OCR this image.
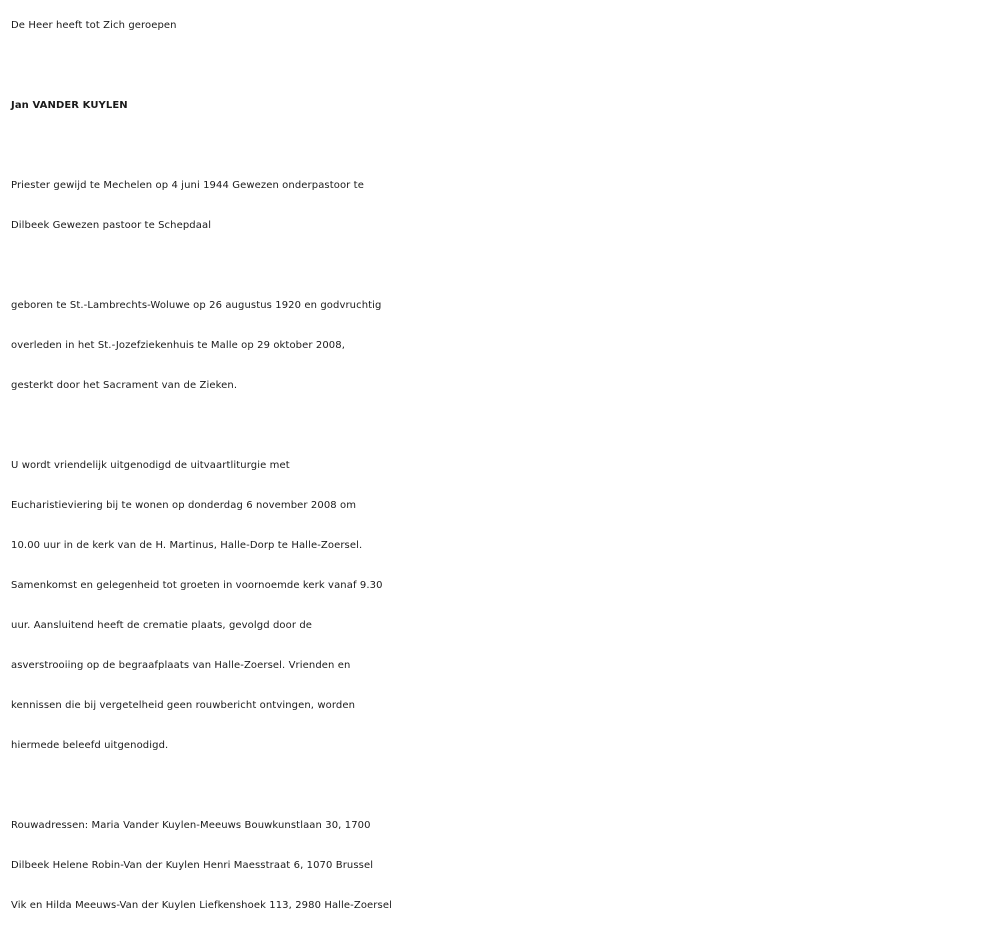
De Heer heeft tot Zich geroepen

Jan VANDER KUYLEN

Priester gewijd te Mechelen op 4 juni 1944 Gewezen onderpastoor te

Dilbeek Gewezen pastoor te Schepdaal

geboren te St.-Lambrechts-Woluwe op 26 augustus 1920 en godvruchtig

overleden in het St.-Jozefziekenhuis te Malle op 29 oktober 2008,

gesterkt door het Sacrament van de Zieken.

U wordt vriendelijk uitgenodigd de uitvaartliturgie met

Eucharistieviering bij te wonen op donderdag 6 november 2008 om

10.00 uur in de kerk van de H. Martinus, Halle-Dorp te Halle-Zoersel.

Samenkomst en gelegenheid tot groeten in voornoemde kerk vanaf 9.30

uur. Aansluitend heeft de crematie plaats, gevolgd door de

asverstrooiing op de begraafplaats van Halle-Zoersel. Vrienden en

kennissen die bij vergetelheid geen rouwbericht ontvingen, worden

hiermede beleefd uitgenodigd.

Rouwadressen: Maria Vander Kuylen-Meeuws Bouwkunstlaan 30, 1700

Dilbeek Helene Robin-Van der Kuylen Henri Maesstraat 6, 1070 Brussel

Vik en Hilda Meeuws-Van der Kuylen Liefkenshoek 113, 2980 Halle-Zoersel
